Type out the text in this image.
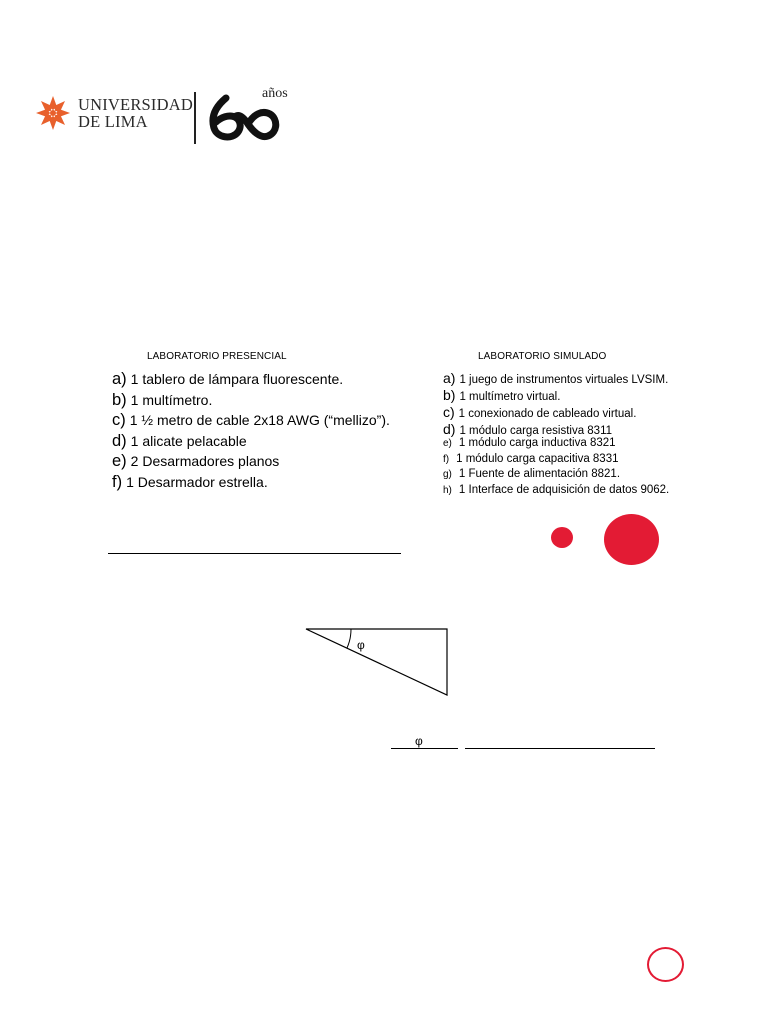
UNIVERSIDAD
DE LIMA
años
LABORATORIO PRESENCIAL
a) 1 tablero de lámpara fluorescente.
b) 1 multímetro.
c) 1 ½ metro de cable 2x18 AWG (“mellizo”).
d) 1 alicate pelacable
e) 2 Desarmadores planos
f) 1 Desarmador estrella.
LABORATORIO SIMULADO
a) 1 juego de instrumentos virtuales LVSIM.
b) 1 multímetro virtual.
c) 1 conexionado de cableado virtual.
d) 1 módulo carga resistiva 8311
e) 1 módulo carga inductiva 8321
f) 1 módulo carga capacitiva 8331
g) 1 Fuente de alimentación 8821.
h) 1 Interface de adquisición de datos 9062.
φ
φ
